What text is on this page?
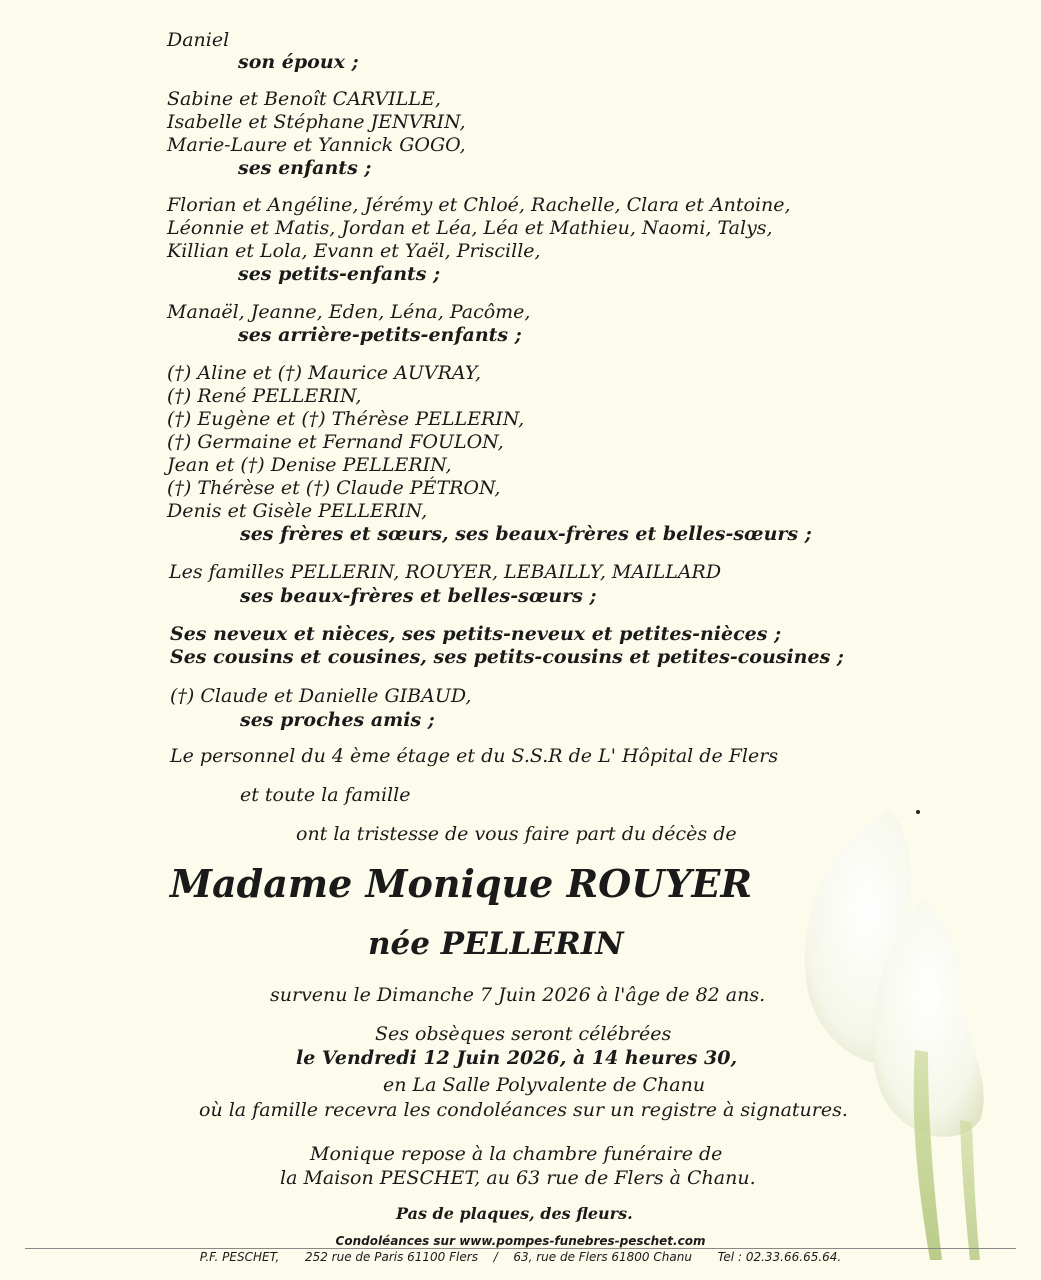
Daniel
son époux ;
Sabine et Benoît CARVILLE,
Isabelle et Stéphane JENVRIN,
Marie-Laure et Yannick GOGO,
ses enfants ;
Florian et Angéline, Jérémy et Chloé, Rachelle, Clara et Antoine,
Léonnie et Matis, Jordan et Léa, Léa et Mathieu, Naomi, Talys,
Killian et Lola, Evann et Yaël, Priscille,
ses petits-enfants ;
Manaël, Jeanne, Eden, Léna, Pacôme,
ses arrière-petits-enfants ;
(†) Aline et (†) Maurice AUVRAY,
(†) René PELLERIN,
(†) Eugène et (†) Thérèse PELLERIN,
(†) Germaine et Fernand FOULON,
Jean et (†) Denise PELLERIN,
(†) Thérèse et (†) Claude PÉTRON,
Denis et Gisèle PELLERIN,
ses frères et sœurs, ses beaux-frères et belles-sœurs ;
Les familles PELLERIN, ROUYER, LEBAILLY, MAILLARD
ses beaux-frères et belles-sœurs ;
Ses neveux et nièces, ses petits-neveux et petites-nièces ;
Ses cousins et cousines, ses petits-cousins et petites-cousines ;
(†) Claude et Danielle GIBAUD,
ses proches amis ;
Le personnel du 4 ème étage et du S.S.R de L' Hôpital de Flers
et toute la famille
ont la tristesse de vous faire part du décès de
Madame Monique ROUYER
née PELLERIN
survenu le Dimanche 7 Juin 2026 à l'âge de 82 ans.
Ses obsèques seront célébrées
le Vendredi 12 Juin 2026, à 14 heures 30,
en La Salle Polyvalente de Chanu
où la famille recevra les condoléances sur un registre à signatures.
Monique repose à la chambre funéraire de
la Maison PESCHET, au 63 rue de Flers à Chanu.
Pas de plaques, des fleurs.
Condoléances sur www.pompes-funebres-peschet.com
P.F. PESCHET, 252 rue de Paris 61100 Flers / 63, rue de Flers 61800 Chanu Tel : 02.33.66.65.64.
